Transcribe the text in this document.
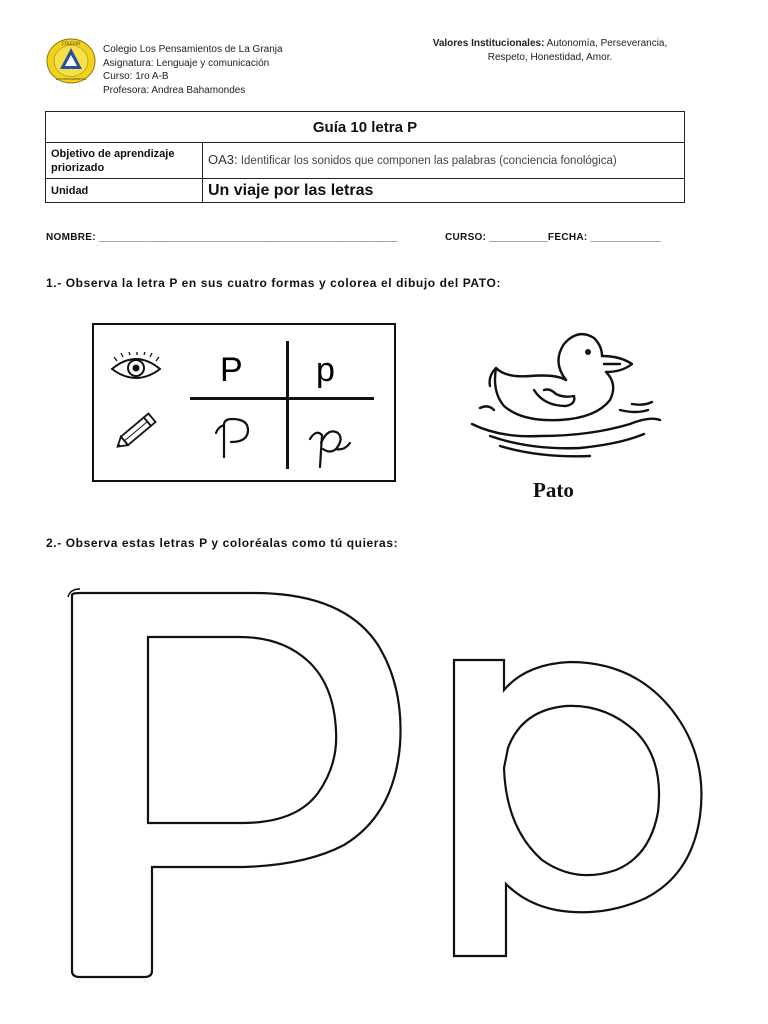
COLEGIO
LOS PENSAMIENTOS
Colegio Los Pensamientos de La Granja
Asignatura: Lenguaje y comunicación
Curso: 1ro A-B
Profesora: Andrea Bahamondes
Valores Institucionales: Autonomía, Perseverancia, Respeto, Honestidad, Amor.
Guía 10 letra P	
Objetivo de aprendizaje priorizado	OA3: Identificar los sonidos que componen las palabras (conciencia fonológica)
Unidad	Un viaje por las letras
NOMBRE: ___________________________________________________	CURSO: __________FECHA: ____________
1.- Observa la letra P en sus cuatro formas y colorea el dibujo del PATO:
P p
Pato
2.- Observa estas letras P y coloréalas como tú quieras:
